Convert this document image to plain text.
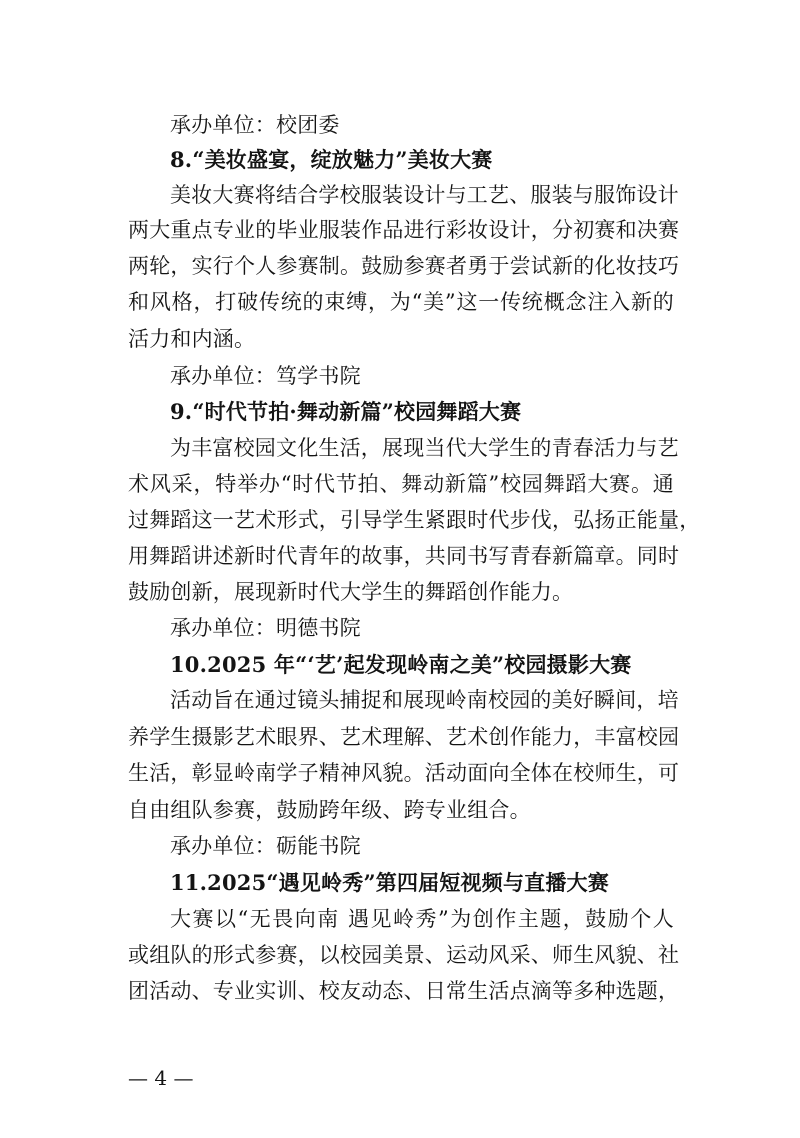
承办单位：校团委
8.“美妆盛宴，绽放魅力”美妆大赛
美妆大赛将结合学校服装设计与工艺、服装与服饰设计
两大重点专业的毕业服装作品进行彩妆设计，分初赛和决赛
两轮，实行个人参赛制。鼓励参赛者勇于尝试新的化妆技巧
和风格，打破传统的束缚，为“美”这一传统概念注入新的
活力和内涵。
承办单位：笃学书院
9.“时代节拍·舞动新篇”校园舞蹈大赛
为丰富校园文化生活，展现当代大学生的青春活力与艺
术风采，特举办“时代节拍、舞动新篇”校园舞蹈大赛。通
过舞蹈这一艺术形式，引导学生紧跟时代步伐，弘扬正能量，
用舞蹈讲述新时代青年的故事，共同书写青春新篇章。同时
鼓励创新，展现新时代大学生的舞蹈创作能力。
承办单位：明德书院
10.2025 年“‘艺’起发现岭南之美”校园摄影大赛
活动旨在通过镜头捕捉和展现岭南校园的美好瞬间，培
养学生摄影艺术眼界、艺术理解、艺术创作能力，丰富校园
生活，彰显岭南学子精神风貌。活动面向全体在校师生，可
自由组队参赛，鼓励跨年级、跨专业组合。
承办单位：砺能书院
11.2025“遇见岭秀”第四届短视频与直播大赛
大赛以“无畏向南 遇见岭秀”为创作主题，鼓励个人
或组队的形式参赛，以校园美景、运动风采、师生风貌、社
团活动、专业实训、校友动态、日常生活点滴等多种选题，
— 4 —
